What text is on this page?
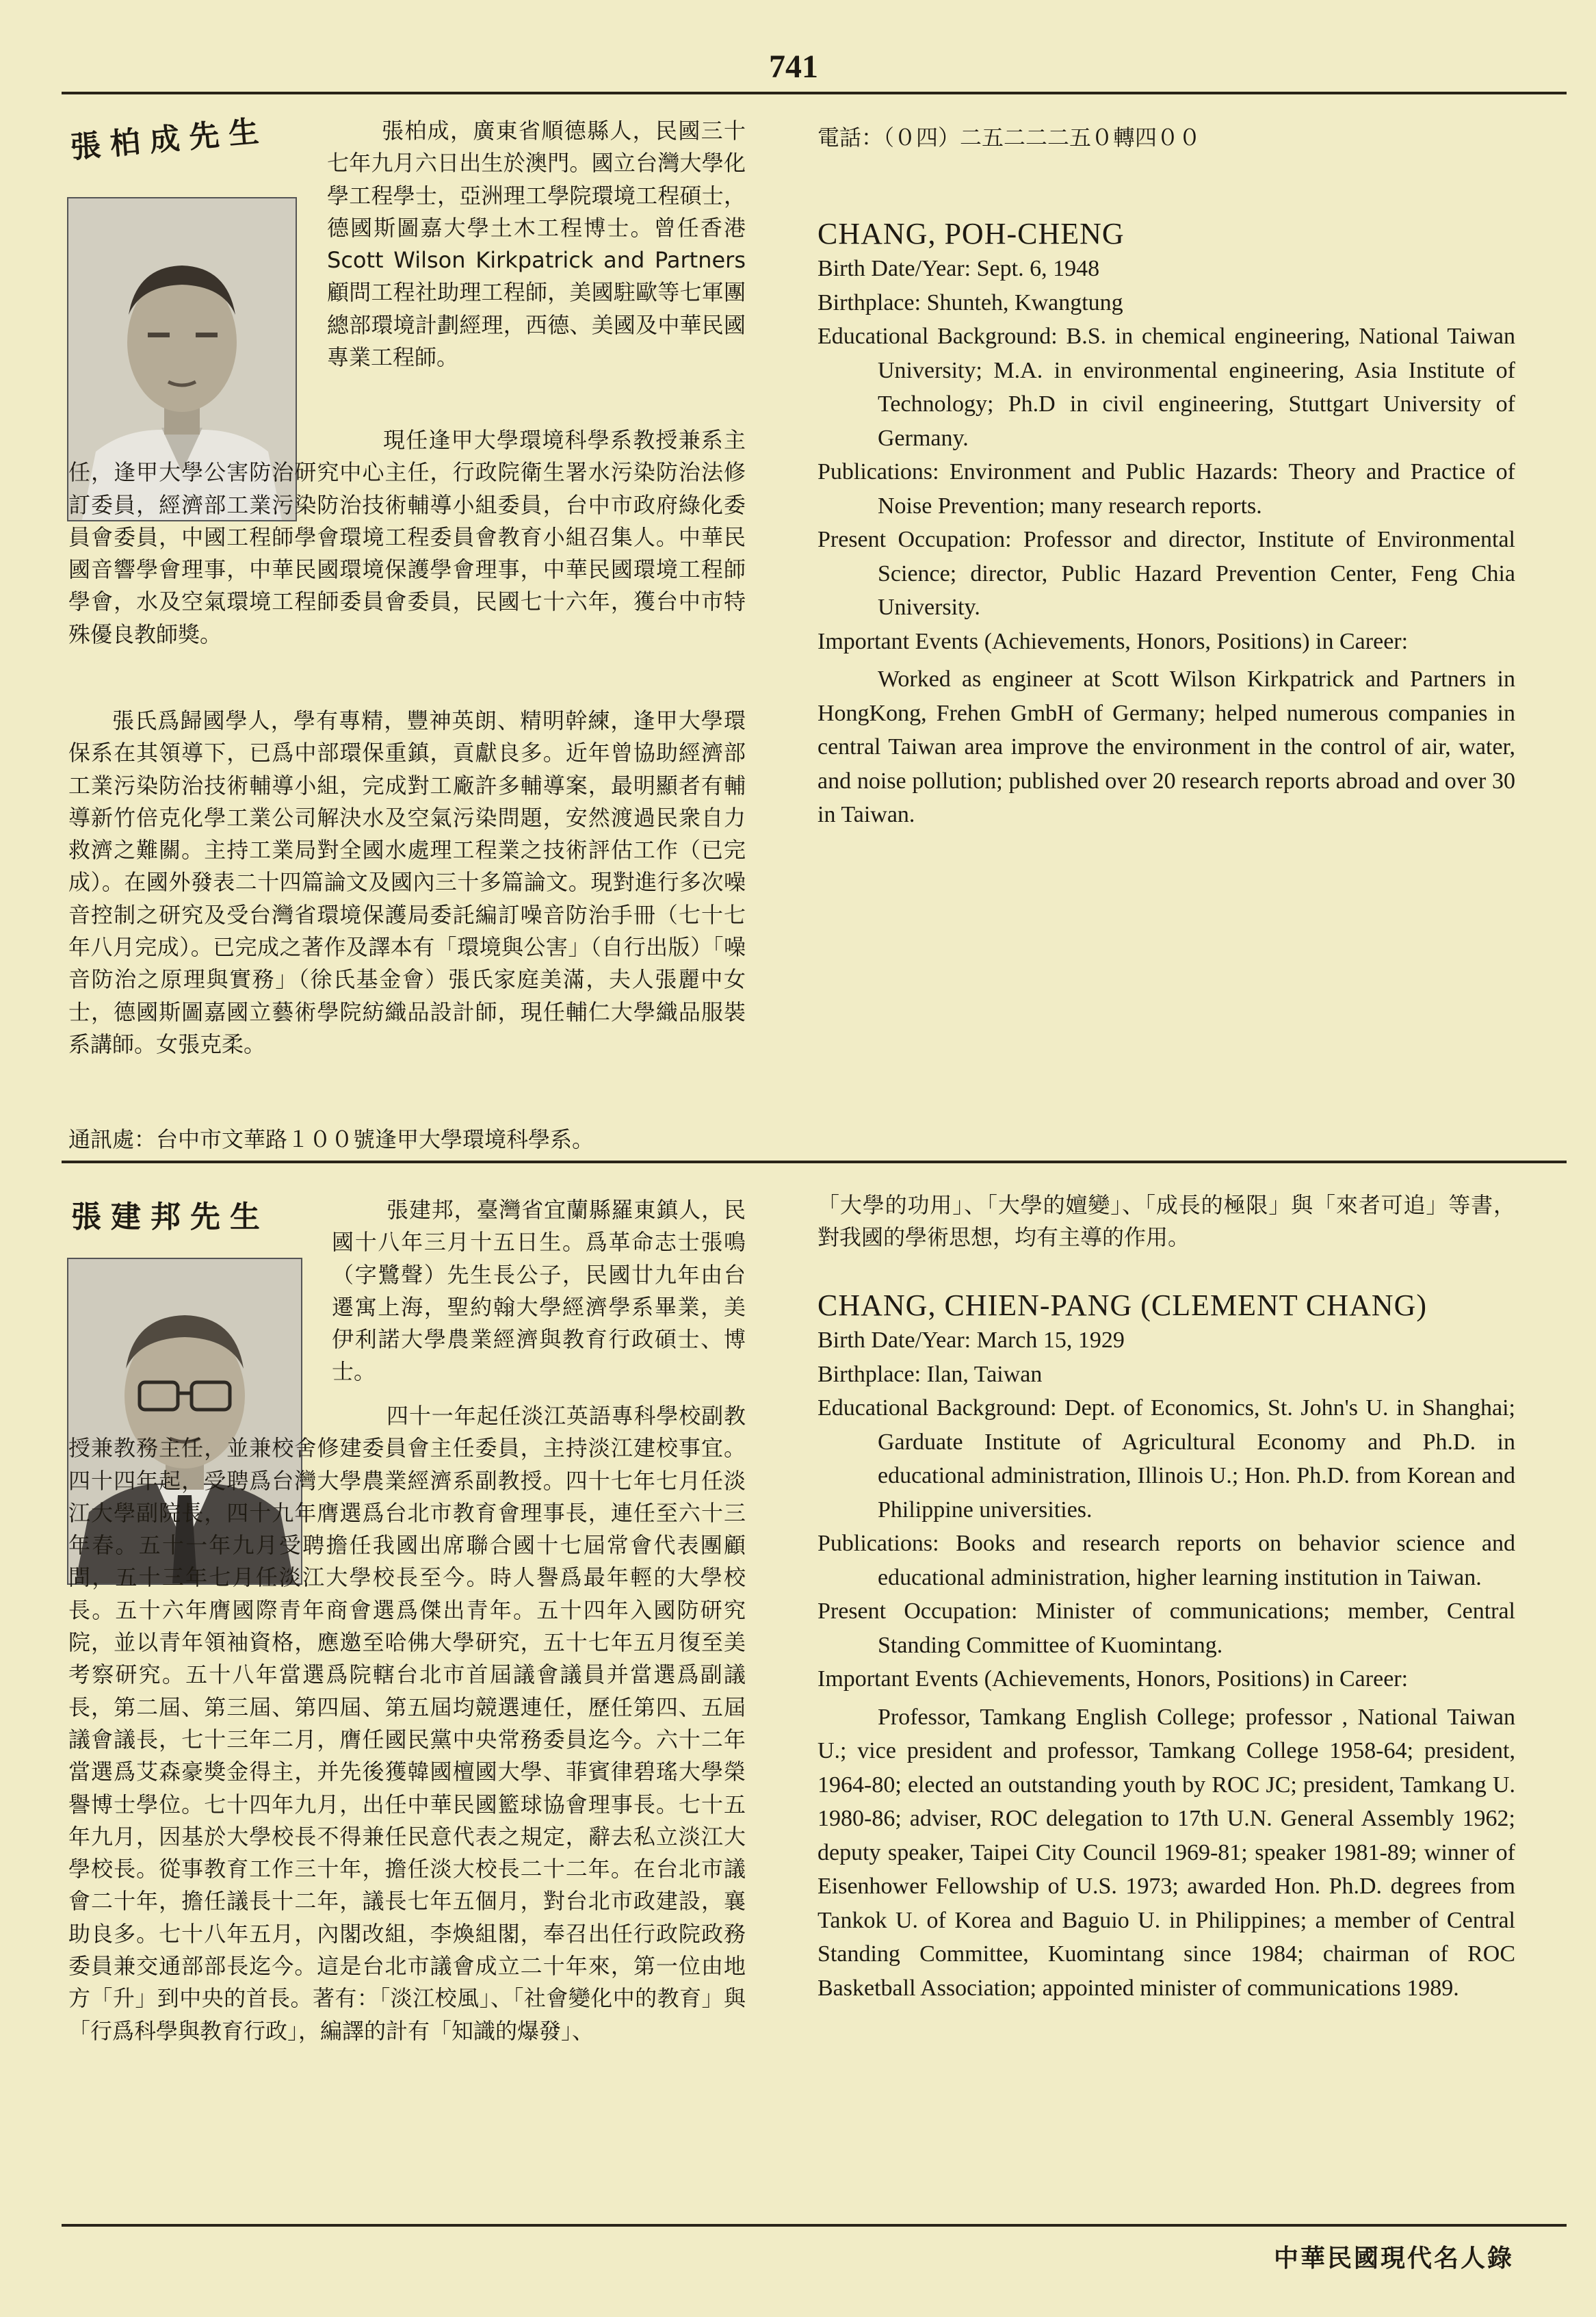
741
張柏成先生	張柏成，廣東省順德縣人，民國三十七年九月六日出生於澳門。國立台灣大學化學工程學士，亞洲理工學院環境工程碩士，德國斯圖嘉大學土木工程博士。曾任香港 Scott Wilson Kirkpatrick and Partners 顧問工程社助理工程師，美國駐歐等七軍團總部環境計劃經理，西德、美國及中華民國專業工程師。

現任逢甲大學環境科學系教授兼系主任，逢甲大學公害防治研究中心主任，行政院衛生署水污染防治法修訂委員，經濟部工業污染防治技術輔導小組委員，台中市政府綠化委員會委員，中國工程師學會環境工程委員會教育小組召集人。中華民國音響學會理事，中華民國環境保護學會理事，中華民國環境工程師學會，水及空氣環境工程師委員會委員，民國七十六年，獲台中市特殊優良教師獎。

張氏爲歸國學人，學有專精，豐神英朗、精明幹練，逢甲大學環保系在其領導下，已爲中部環保重鎮，貢獻良多。近年曾協助經濟部工業污染防治技術輔導小組，完成對工廠許多輔導案，最明顯者有輔導新竹倍克化學工業公司解決水及空氣污染問題，安然渡過民衆自力救濟之難關。主持工業局對全國水處理工程業之技術評估工作（已完成）。在國外發表二十四篇論文及國內三十多篇論文。現對進行多次噪音控制之研究及受台灣省環境保護局委託編訂噪音防治手冊（七十七年八月完成）。已完成之著作及譯本有「環境與公害」（自行出版）「噪音防治之原理與實務」（徐氏基金會）張氏家庭美滿，夫人張麗中女士，德國斯圖嘉國立藝術學院紡織品設計師，現任輔仁大學織品服裝系講師。女張克柔。

通訊處：台中市文華路１００號逢甲大學環境科學系。

電話：（０四）二五二二二五０轉四００

CHANG, POH-CHENG

Birth Date/Year: Sept. 6, 1948

Birthplace: Shunteh, Kwangtung

Educational Background: B.S. in chemical engineering, National Taiwan University; M.A. in environmental engineering, Asia Institute of Technology; Ph.D in civil engineering, Stuttgart University of Germany.

Publications: Environment and Public Hazards: Theory and Practice of Noise Prevention; many research reports.

Present Occupation: Professor and director, Institute of Environmental Science; director, Public Hazard Prevention Center, Feng Chia University.

Important Events (Achievements, Honors, Positions) in Career:

Worked as engineer at Scott Wilson Kirkpatrick and Partners in HongKong, Frehen GmbH of Germany; helped numerous companies in central Taiwan area improve the environment in the control of air, water, and noise pollution; published over 20 research reports abroad and over 30 in Taiwan.

張建邦先生	張建邦，臺灣省宜蘭縣羅東鎮人，民國十八年三月十五日生。爲革命志士張鳴（字鷺聲）先生長公子，民國廿九年由台遷寓上海，聖約翰大學經濟學系畢業，美伊利諾大學農業經濟與教育行政碩士、博士。

四十一年起任淡江英語專科學校副教授兼教務主任，並兼校舍修建委員會主任委員，主持淡江建校事宜。四十四年起，受聘爲台灣大學農業經濟系副教授。四十七年七月任淡江大學副院長，四十九年膺選爲台北市教育會理事長，連任至六十三年春。五十一年九月受聘擔任我國出席聯合國十七屆常會代表團顧問，五十三年七月任淡江大學校長至今。時人譽爲最年輕的大學校長。五十六年膺國際青年商會選爲傑出青年。五十四年入國防研究院，並以青年領袖資格，應邀至哈佛大學研究，五十七年五月復至美考察研究。五十八年當選爲院轄台北市首屆議會議員并當選爲副議長，第二屆、第三屆、第四屆、第五屆均競選連任，歷任第四、五屆議會議長，七十三年二月，膺任國民黨中央常務委員迄今。六十二年當選爲艾森豪獎金得主，并先後獲韓國檀國大學、菲賓律碧瑤大學榮譽博士學位。七十四年九月，出任中華民國籃球協會理事長。七十五年九月，因基於大學校長不得兼任民意代表之規定，辭去私立淡江大學校長。從事教育工作三十年，擔任淡大校長二十二年。在台北市議會二十年，擔任議長十二年，議長七年五個月，對台北市政建設，襄助良多。七十八年五月，內閣改組，李煥組閣，奉召出任行政院政務委員兼交通部部長迄今。這是台北市議會成立二十年來，第一位由地方「升」到中央的首長。著有：「淡江校風」、「社會變化中的教育」與「行爲科學與教育行政」，編譯的計有「知識的爆發」、

「大學的功用」、「大學的嬗變」、「成長的極限」與「來者可追」等書，對我國的學術思想，均有主導的作用。

CHANG, CHIEN-PANG (CLEMENT CHANG)

Birth Date/Year: March 15, 1929

Birthplace: Ilan, Taiwan

Educational Background: Dept. of Economics, St. John's U. in Shanghai; Garduate Institute of Agricultural Economy and Ph.D. in educational administration, Illinois U.; Hon. Ph.D. from Korean and Philippine universities.

Publications: Books and research reports on behavior science and educational administration, higher learning institution in Taiwan.

Present Occupation: Minister of communications; member, Central Standing Committee of Kuomintang.

Important Events (Achievements, Honors, Positions) in Career:

Professor, Tamkang English College; professor , National Taiwan U.; vice president and professor, Tamkang College 1958-64; president, 1964-80; elected an outstanding youth by ROC JC; president, Tamkang U. 1980-86; adviser, ROC delegation to 17th U.N. General Assembly 1962; deputy speaker, Taipei City Council 1969-81; speaker 1981-89; winner of Eisenhower Fellowship of U.S. 1973; awarded Hon. Ph.D. degrees from Tankok U. of Korea and Baguio U. in Philippines; a member of Central Standing Committee, Kuomintang since 1984; chairman of ROC Basketball Association; appointed minister of communications 1989.

中華民國現代名人錄
